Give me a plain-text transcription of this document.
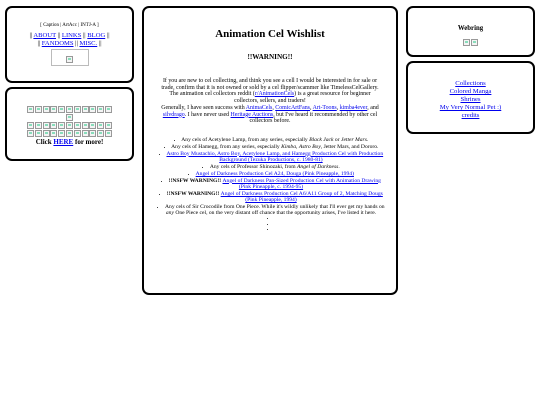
[ Caption | ArtAcc | INTJ-A ]
|| ABOUT || LINKS || BLOG ||
|| FANDOMS || MISC. ||
Click HERE for more!
Animation Cel Wishlist
!!WARNING!!
If you are new to cel collecting, and think you see a cell I would be interested in for sale or trade, confirm that it is not owned or sold by a cel flipper/scammer like TimelessCelGallery. The animation cel collectors reddit (r/AnimationCels) is a great resource for beginner collectors, sellers, and traders!
Generally, I have seen success with AnimaCels, ComicArtFans, Art-Toons, kimba4ever, and silvdrago. I have never used Heritage Auctions, but I've heard it recommended by other cel collectors before.
• Any cels of Acetylene Lamp, from any series, especially Black Jack or Jetter Mars.
• Any cels of Hamegg, from any series, especially Kimba, Astro Boy, Jetter Mars, and Dororo.
• Astro Boy Mustachio, Astro Boy, Acetylene Lamp, and Hamegg Production Cel with Production Background (Tezuka Productions, c. 1980-81)
• Any cels of Professor Shinozaki, from Angel of Darkness.
• Angel of Darkness Production Cel A24, Douga (Pink Pineapple, 1994)
• !!NSFW WARNING!! Angel of Darkness Pan-Sized Production Cel with Animation Drawing (Pink Pineapple, c. 1994-95)
• !!NSFW WARNING!! Angel of Darkness Production Cel A6/A11 Group of 2, Matching Dougs (Pink Pineapple, 1994)
• Any cels of Sir Crocodile from One Piece. While it's wildly unlikely that I'll ever get my hands on any One Piece cel, on the very distant off chance that the opportunity arises, I've listed it here.
•
•
•
Webring
Collections
Colored Manga
Shrines
My Very Normal Pet :)
credits
